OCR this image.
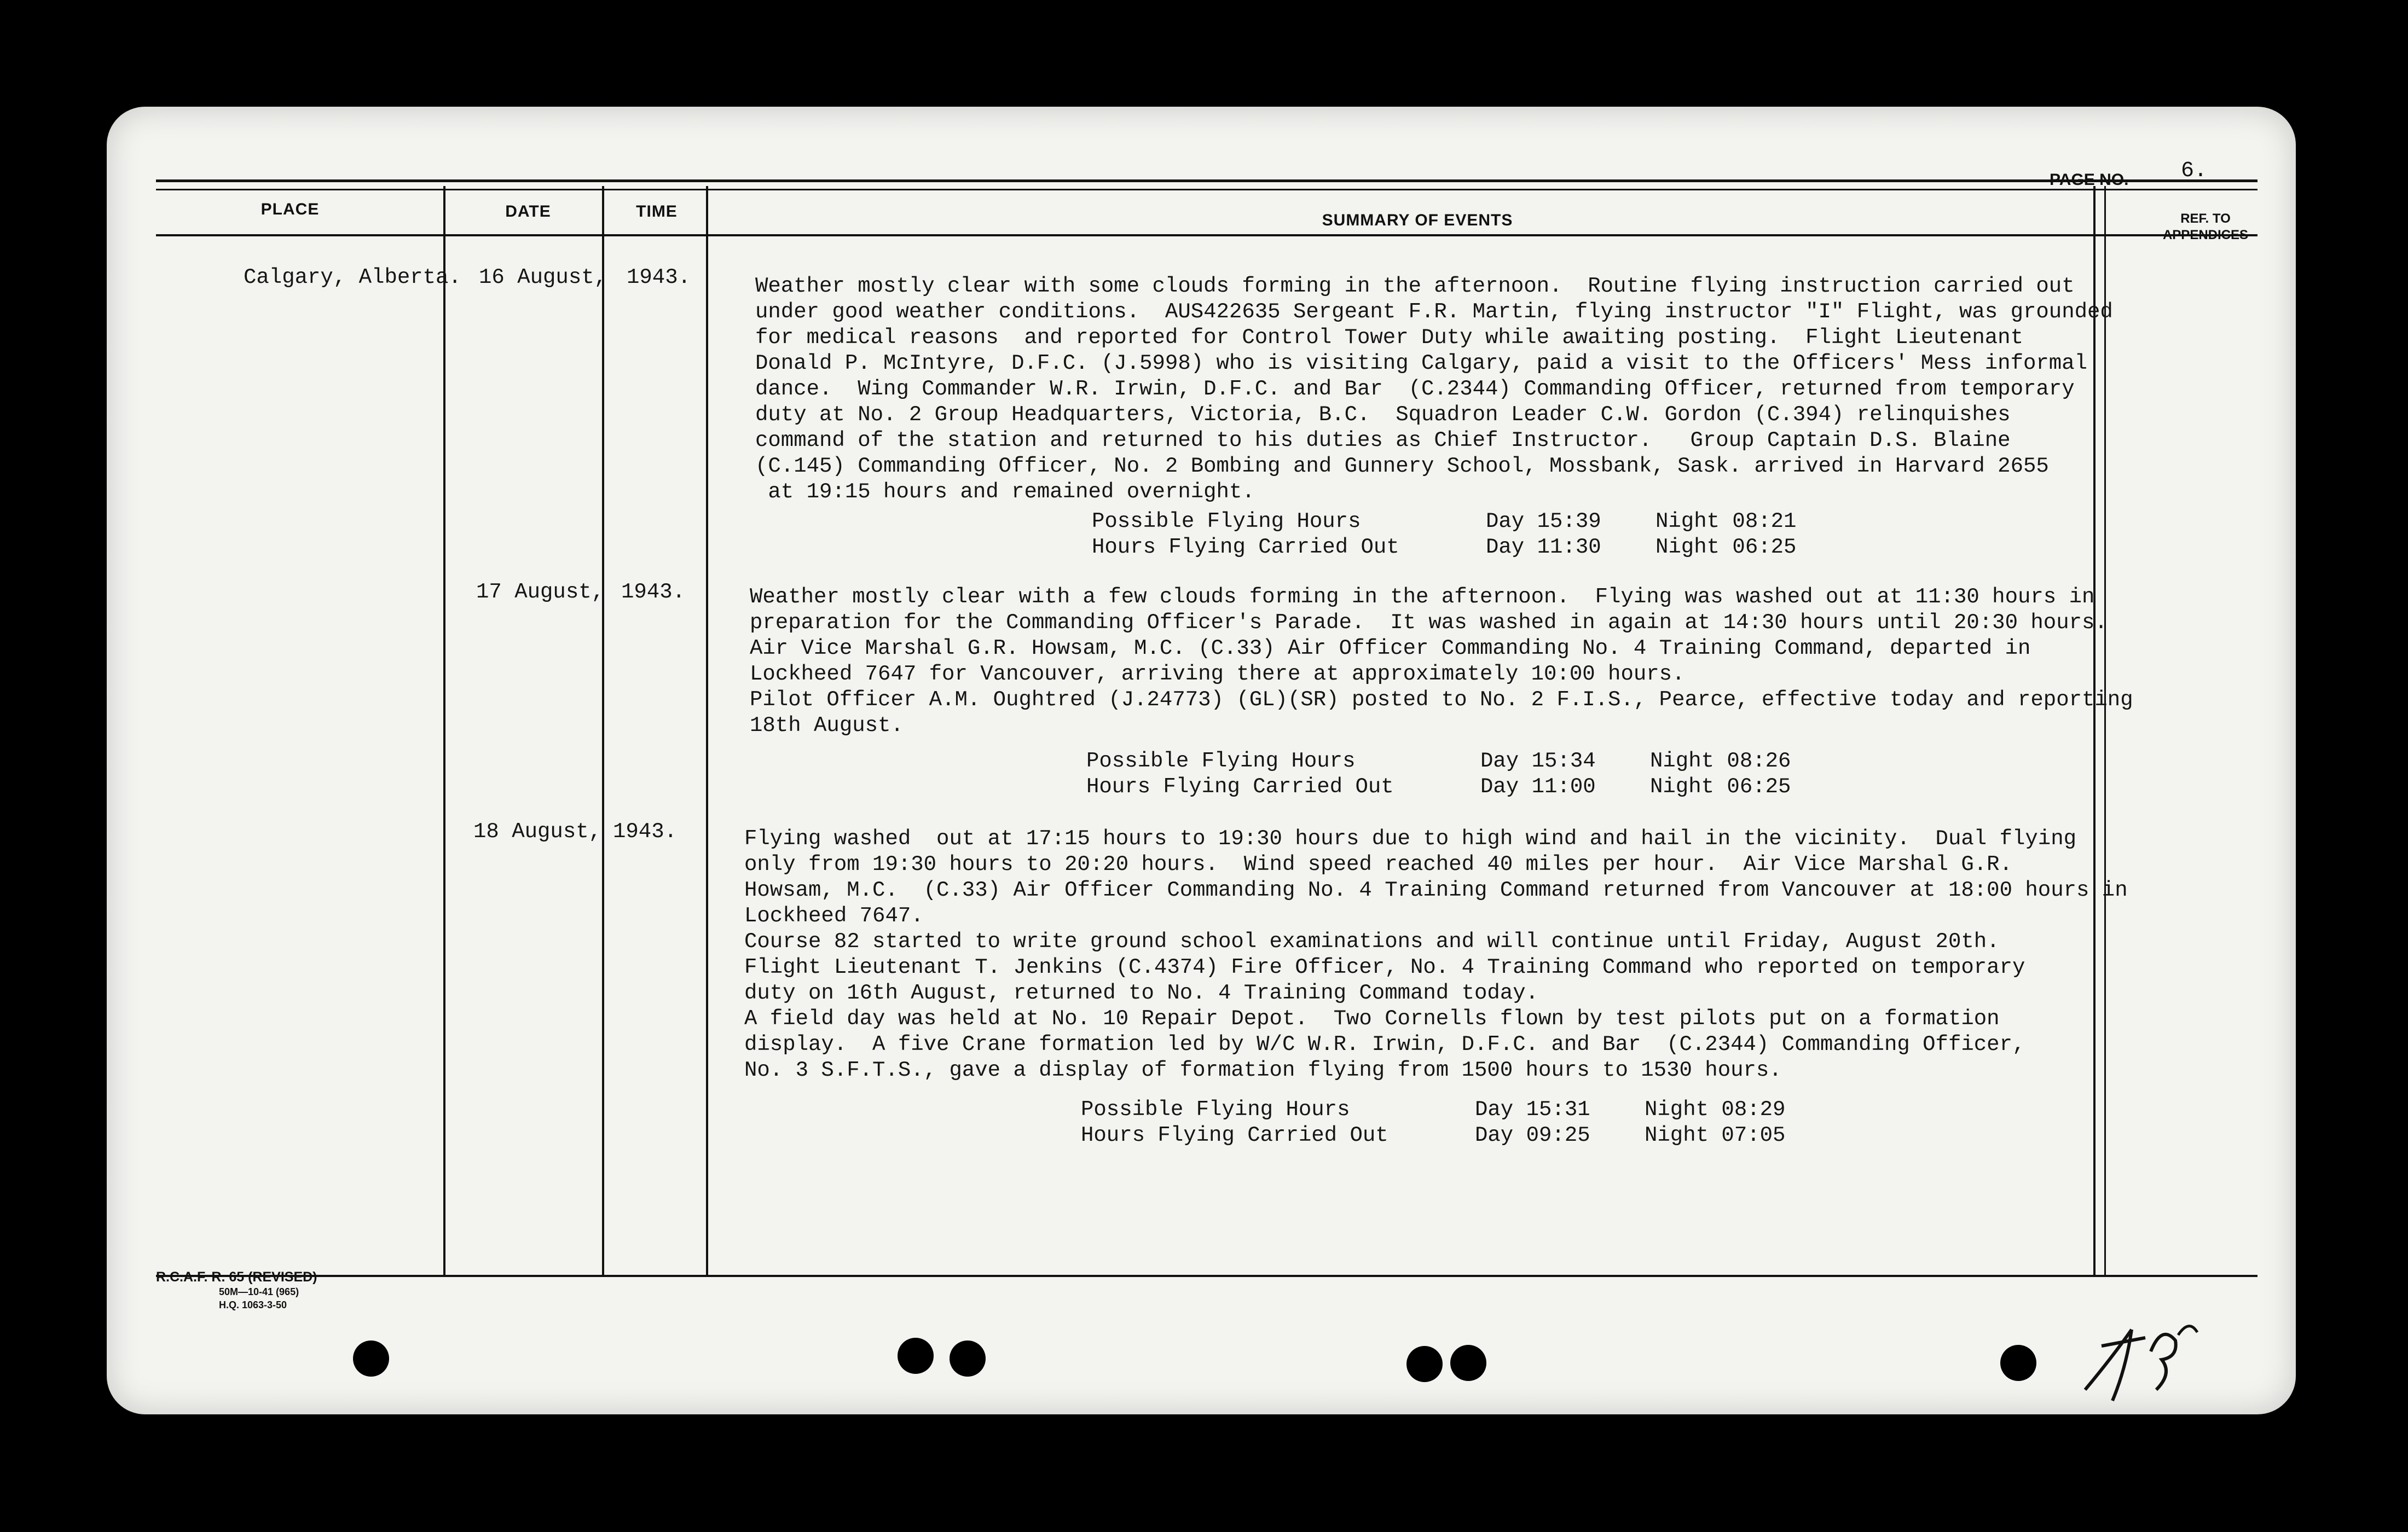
PLACE	DATE	TIME	SUMMARY OF EVENTS	REF. TO
APPENDICES
PAGE NO. 6.
Calgary, Alberta. 16 August, 1943.	Weather mostly clear with some clouds forming in the afternoon.  Routine flying instruction carried out

under good weather conditions.  AUS422635 Sergeant F.R. Martin, flying instructor "I" Flight, was grounded

for medical reasons  and reported for Control Tower Duty while awaiting posting.  Flight Lieutenant

Donald P. McIntyre, D.F.C. (J.5998) who is visiting Calgary, paid a visit to the Officers' Mess informal

dance.  Wing Commander W.R. Irwin, D.F.C. and Bar  (C.2344) Commanding Officer, returned from temporary

duty at No. 2 Group Headquarters, Victoria, B.C.  Squadron Leader C.W. Gordon (C.394) relinquishes

command of the station and returned to his duties as Chief Instructor.   Group Captain D.S. Blaine

(C.145) Commanding Officer, No. 2 Bombing and Gunnery School, Mossbank, Sask. arrived in Harvard 2655

at 19:15 hours and remained overnight.

Possible Flying Hours	Day 15:39	Night 08:21
Hours Flying Carried Out	Day 11:30	Night 06:25
17 August, 1943.	Weather mostly clear with a few clouds forming in the afternoon.  Flying was washed out at 11:30 hours in

preparation for the Commanding Officer's Parade.  It was washed in again at 14:30 hours until 20:30 hours.

Air Vice Marshal G.R. Howsam, M.C. (C.33) Air Officer Commanding No. 4 Training Command, departed in

Lockheed 7647 for Vancouver, arriving there at approximately 10:00 hours.

Pilot Officer A.M. Oughtred (J.24773) (GL)(SR) posted to No. 2 F.I.S., Pearce, effective today and reporting

18th August.

Possible Flying Hours	Day 15:34	Night 08:26
Hours Flying Carried Out	Day 11:00	Night 06:25
18 August, 1943.	Flying washed  out at 17:15 hours to 19:30 hours due to high wind and hail in the vicinity.  Dual flying

only from 19:30 hours to 20:20 hours.  Wind speed reached 40 miles per hour.  Air Vice Marshal G.R.

Howsam, M.C.  (C.33) Air Officer Commanding No. 4 Training Command returned from Vancouver at 18:00 hours in

Lockheed 7647.

Course 82 started to write ground school examinations and will continue until Friday, August 20th.

Flight Lieutenant T. Jenkins (C.4374) Fire Officer, No. 4 Training Command who reported on temporary

duty on 16th August, returned to No. 4 Training Command today.

A field day was held at No. 10 Repair Depot.  Two Cornells flown by test pilots put on a formation

display.  A five Crane formation led by W/C W.R. Irwin, D.F.C. and Bar  (C.2344) Commanding Officer,

No. 3 S.F.T.S., gave a display of formation flying from 1500 hours to 1530 hours.

Possible Flying Hours	Day 15:31	Night 08:29
Hours Flying Carried Out	Day 09:25	Night 07:05
R.C.A.F. R. 65 (REVISED)
50M—10-41 (965)
H.Q. 1063-3-50
